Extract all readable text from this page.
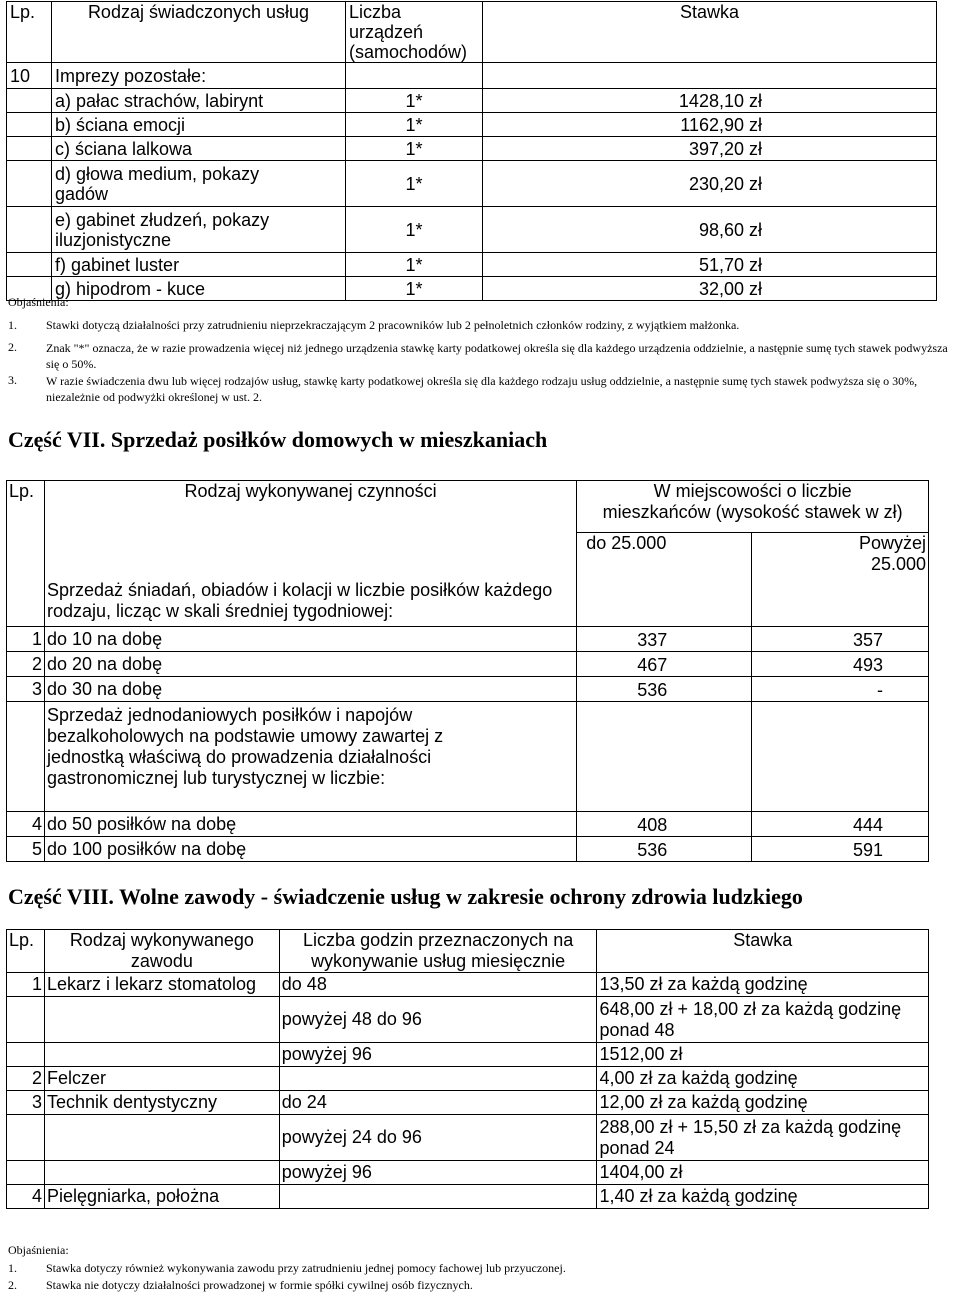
Lp.	Rodzaj świadczonych usług	Liczba urządzeń (samochodów)	Stawka
10	Imprezy pozostałe:		
	a) pałac strachów, labirynt	1*	1428,10 zł
	b) ściana emocji	1*	1162,90 zł
	c) ściana lalkowa	1*	397,20 zł
	d) głowa medium, pokazy gadów	1*	230,20 zł
	e) gabinet złudzeń, pokazy iluzjonistyczne	1*	98,60 zł
	f) gabinet luster	1*	51,70 zł
	g) hipodrom - kuce	1*	32,00 zł
Objaśnienia:
1. Stawki dotyczą działalności przy zatrudnieniu nieprzekraczającym 2 pracowników lub 2 pełnoletnich członków rodziny, z wyjątkiem małżonka.
2. Znak "*" oznacza, że w razie prowadzenia więcej niż jednego urządzenia stawkę karty podatkowej określa się dla każdego urządzenia oddzielnie, a następnie sumę tych stawek podwyższa się o 50%.
3. W razie świadczenia dwu lub więcej rodzajów usług, stawkę karty podatkowej określa się dla każdego rodzaju usług oddzielnie, a następnie sumę tych stawek podwyższa się o 30%, niezależnie od podwyżki określonej w ust. 2.
Część VII. Sprzedaż posiłków domowych w mieszkaniach
Lp.	Rodzaj wykonywanej czynności	W miejscowości o liczbie mieszkańców (wysokość stawek w zł)	
	Sprzedaż śniadań, obiadów i kolacji w liczbie posiłków każdego rodzaju, licząc w skali średniej tygodniowej:	do 25.000	Powyżej 25.000
1	do 10 na dobę	337	357
2	do 20 na dobę	467	493
3	do 30 na dobę	536	-
	Sprzedaż jednodaniowych posiłków i napojów bezalkoholowych na podstawie umowy zawartej z jednostką właściwą do prowadzenia działalności gastronomicznej lub turystycznej w liczbie:		
4	do 50 posiłków na dobę	408	444
5	do 100 posiłków na dobę	536	591
Część VIII. Wolne zawody - świadczenie usług w zakresie ochrony zdrowia ludzkiego
Lp.	Rodzaj wykonywanego zawodu	Liczba godzin przeznaczonych na wykonywanie usług miesięcznie	Stawka
1	Lekarz i lekarz stomatolog	do 48	13,50 zł za każdą godzinę
		powyżej 48 do 96	648,00 zł + 18,00 zł za każdą godzinę ponad 48
		powyżej 96	1512,00 zł
2	Felczer		4,00 zł za każdą godzinę
3	Technik dentystyczny	do 24	12,00 zł za każdą godzinę
		powyżej 24 do 96	288,00 zł + 15,50 zł za każdą godzinę ponad 24
		powyżej 96	1404,00 zł
4	Pielęgniarka, położna		1,40 zł za każdą godzinę
Objaśnienia:
1. Stawka dotyczy również wykonywania zawodu przy zatrudnieniu jednej pomocy fachowej lub przyuczonej.
2. Stawka nie dotyczy działalności prowadzonej w formie spółki cywilnej osób fizycznych.
